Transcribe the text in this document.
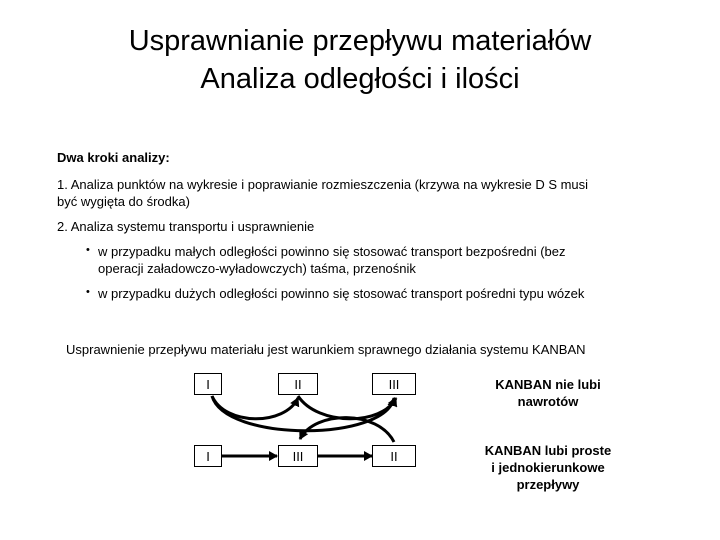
Usprawnianie przepływu materiałów
Analiza odległości i ilości
Dwa kroki analizy:
1. Analiza punktów na wykresie i poprawianie rozmieszczenia (krzywa na wykresie D S musi
być wygięta do środka)
2. Analiza systemu transportu i usprawnienie
• w przypadku małych odległości powinno się stosować transport bezpośredni (bez
operacji załadowczo-wyładowczych) taśma, przenośnik
• w przypadku dużych odległości powinno się stosować transport pośredni typu wózek
Usprawnienie przepływu materiału jest warunkiem sprawnego działania systemu KANBAN
I	II	III	KANBAN nie lubi
nawrotów
I	III	II	KANBAN lubi proste
i jednokierunkowe
przepływy
